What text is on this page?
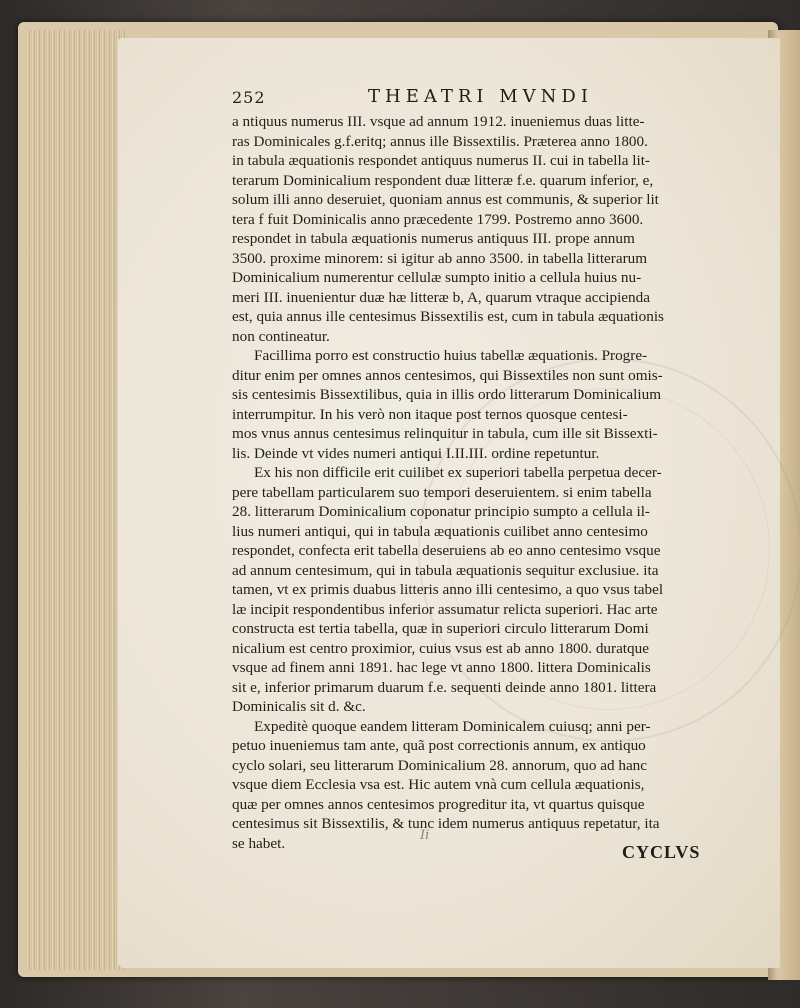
252	THEATRI MVNDI
a ntiquus numerus III. vsque ad annum 1912. inueniemus duas litte-
ras Dominicales g.f.eritq; annus ille Bissextilis. Præterea anno 1800.
in tabula æquationis respondet antiquus numerus II. cui in tabella lit-
terarum Dominicalium respondent duæ litteræ f.e. quarum inferior, e,
solum illi anno deseruiet, quoniam annus est communis, & superior lit
tera f fuit Dominicalis anno præcedente 1799. Postremo anno 3600.
respondet in tabula æquationis numerus antiquus III. prope annum
3500. proxime minorem: si igitur ab anno 3500. in tabella litterarum
Dominicalium numerentur cellulæ sumpto initio a cellula huius nu-
meri III. inuenientur duæ hæ litteræ b, A, quarum vtraque accipienda
est, quia annus ille centesimus Bissextilis est, cum in tabula æquationis
non contineatur.
Facillima porro est constructio huius tabellæ æquationis. Progre-
ditur enim per omnes annos centesimos, qui Bissextiles non sunt omis-
sis centesimis Bissextilibus, quia in illis ordo litterarum Dominicalium
interrumpitur. In his verò non itaque post ternos quosque centesi-
mos vnus annus centesimus relinquitur in tabula, cum ille sit Bissexti-
lis. Deinde vt vides numeri antiqui I.II.III. ordine repetuntur.
Ex his non difficile erit cuilibet ex superiori tabella perpetua decer-
pere tabellam particularem suo tempori deseruientem. si enim tabella
28. litterarum Dominicalium coponatur principio sumpto a cellula il-
lius numeri antiqui, qui in tabula æquationis cuilibet anno centesimo
respondet, confecta erit tabella deseruiens ab eo anno centesimo vsque
ad annum centesimum, qui in tabula æquationis sequitur exclusiue. ita
tamen, vt ex primis duabus litteris anno illi centesimo, a quo vsus tabel
læ incipit respondentibus inferior assumatur relicta superiori. Hac arte
constructa est tertia tabella, quæ in superiori circulo litterarum Domi
nicalium est centro proximior, cuius vsus est ab anno 1800. duratque
vsque ad finem anni 1891. hac lege vt anno 1800. littera Dominicalis
sit e, inferior primarum duarum f.e. sequenti deinde anno 1801. littera
Dominicalis sit d. &c.
Expeditè quoque eandem litteram Dominicalem cuiusq; anni per-
petuo inueniemus tam ante, quã post correctionis annum, ex antiquo
cyclo solari, seu litterarum Dominicalium 28. annorum, quo ad hanc
vsque diem Ecclesia vsa est. Hic autem vnà cum cellula æquationis,
quæ per omnes annos centesimos progreditur ita, vt quartus quisque
centesimus sit Bissextilis, & tunc idem numerus antiquus repetatur, ita
se habet.	Ii
CYCLVS
